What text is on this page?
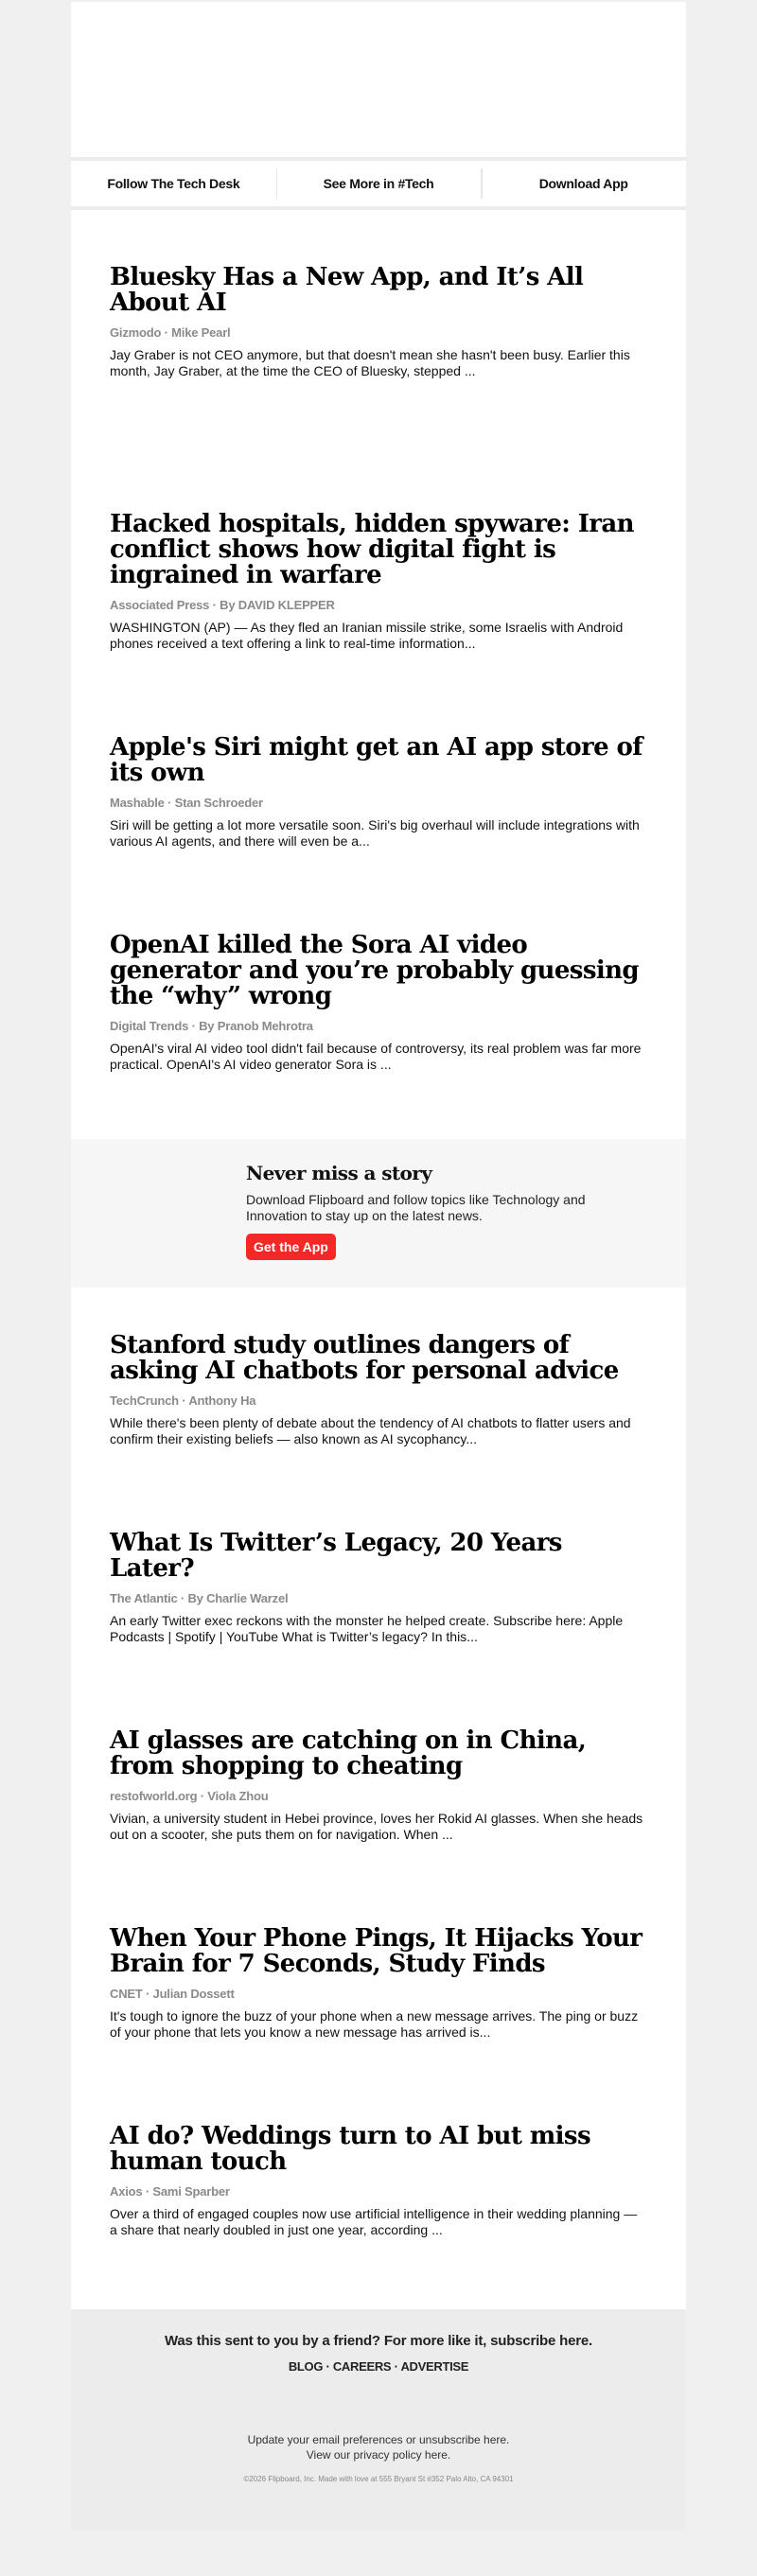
Follow The Tech Desk	See More in #Tech	Download App
Bluesky Has a New App, and It’s All About AI
Gizmodo · Mike Pearl
Jay Graber is not CEO anymore, but that doesn't mean she hasn't been busy. Earlier this month, Jay Graber, at the time the CEO of Bluesky, stepped ...
Hacked hospitals, hidden spyware: Iran conflict shows how digital fight is ingrained in warfare
Associated Press · By DAVID KLEPPER
WASHINGTON (AP) — As they fled an Iranian missile strike, some Israelis with Android phones received a text offering a link to real-time information...
Apple's Siri might get an AI app store of its own
Mashable · Stan Schroeder
Siri will be getting a lot more versatile soon. Siri's big overhaul will include integrations with various AI agents, and there will even be a...
OpenAI killed the Sora AI video generator and you’re probably guessing the “why” wrong
Digital Trends · By Pranob Mehrotra
OpenAI's viral AI video tool didn't fail because of controversy, its real problem was far more practical. OpenAI's AI video generator Sora is ...
Never miss a story

Download Flipboard and follow topics like Technology and Innovation to stay up on the latest news.

Get the App
Stanford study outlines dangers of asking AI chatbots for personal advice
TechCrunch · Anthony Ha
While there's been plenty of debate about the tendency of AI chatbots to flatter users and confirm their existing beliefs — also known as AI sycophancy...
What Is Twitter’s Legacy, 20 Years Later?
The Atlantic · By Charlie Warzel
An early Twitter exec reckons with the monster he helped create. Subscribe here: Apple Podcasts | Spotify | YouTube What is Twitter’s legacy? In this...
AI glasses are catching on in China, from shopping to cheating
restofworld.org · Viola Zhou
Vivian, a university student in Hebei province, loves her Rokid AI glasses. When she heads out on a scooter, she puts them on for navigation. When ...
When Your Phone Pings, It Hijacks Your Brain for 7 Seconds, Study Finds
CNET · Julian Dossett
It's tough to ignore the buzz of your phone when a new message arrives. The ping or buzz of your phone that lets you know a new message has arrived is...
AI do? Weddings turn to AI but miss human touch
Axios · Sami Sparber
Over a third of engaged couples now use artificial intelligence in their wedding planning — a share that nearly doubled in just one year, according ...
Was this sent to you by a friend? For more like it, subscribe here.
BLOG · CAREERS · ADVERTISE
Update your email preferences or unsubscribe here.
View our privacy policy here.
©2026 Flipboard, Inc. Made with love at 555 Bryant St #352 Palo Alto, CA 94301
